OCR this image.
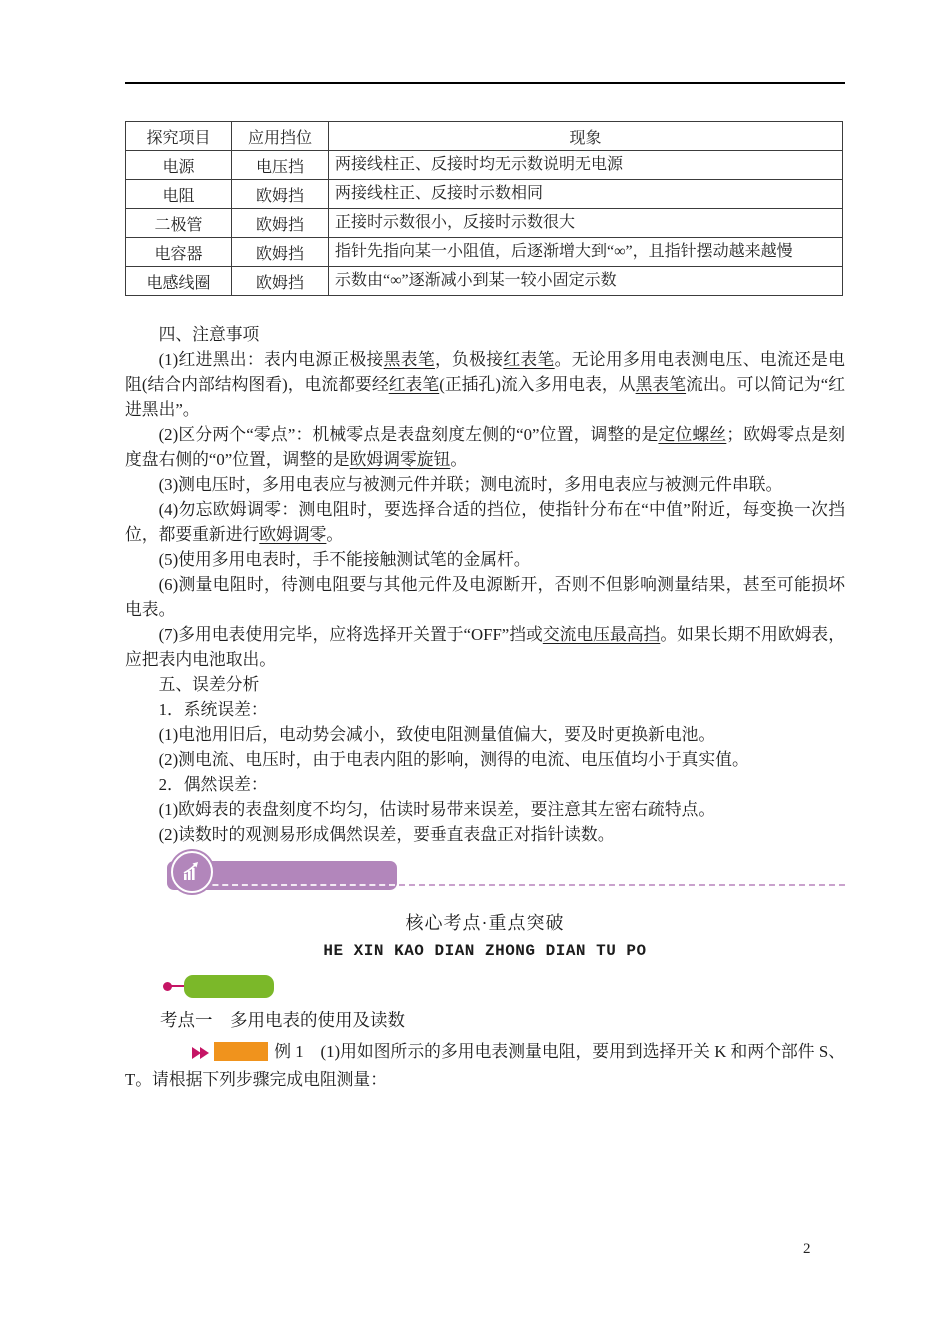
探究项目	应用挡位	现象
电源	电压挡	两接线柱正、反接时均无示数说明无电源
电阻	欧姆挡	两接线柱正、反接时示数相同
二极管	欧姆挡	正接时示数很小，反接时示数很大
电容器	欧姆挡	指针先指向某一小阻值，后逐渐增大到“∞”，且指针摆动越来越慢
电感线圈	欧姆挡	示数由“∞”逐渐减小到某一较小固定示数

四、注意事项

(1)红进黑出：表内电源正极接黑表笔，负极接红表笔。无论用多用电表测电压、电流还是电阻(结合内部结构图看)，电流都要经红表笔(正插孔)流入多用电表，从黑表笔流出。可以简记为“红进黑出”。

(2)区分两个“零点”：机械零点是表盘刻度左侧的“0”位置，调整的是定位螺丝；欧姆零点是刻度盘右侧的“0”位置，调整的是欧姆调零旋钮。

(3)测电压时，多用电表应与被测元件并联；测电流时，多用电表应与被测元件串联。

(4)勿忘欧姆调零：测电阻时，要选择合适的挡位，使指针分布在“中值”附近，每变换一次挡位，都要重新进行欧姆调零。

(5)使用多用电表时，手不能接触测试笔的金属杆。

(6)测量电阻时，待测电阻要与其他元件及电源断开，否则不但影响测量结果，甚至可能损坏电表。

(7)多用电表使用完毕，应将选择开关置于“OFF”挡或交流电压最高挡。如果长期不用欧姆表，应把表内电池取出。

五、误差分析

1．系统误差：

(1)电池用旧后，电动势会减小，致使电阻测量值偏大，要及时更换新电池。

(2)测电流、电压时，由于电表内阻的影响，测得的电流、电压值均小于真实值。

2．偶然误差：

(1)欧姆表的表盘刻度不均匀，估读时易带来误差，要注意其左密右疏特点。

(2)读数时的观测易形成偶然误差，要垂直表盘正对指针读数。

核心考点·重点突破
HE XIN KAO DIAN ZHONG DIAN TU PO

考点一　多用电表的使用及读数

例 1　(1)用如图所示的多用电表测量电阻，要用到选择开关 K 和两个部件 S、T。请根据下列步骤完成电阻测量：

2
